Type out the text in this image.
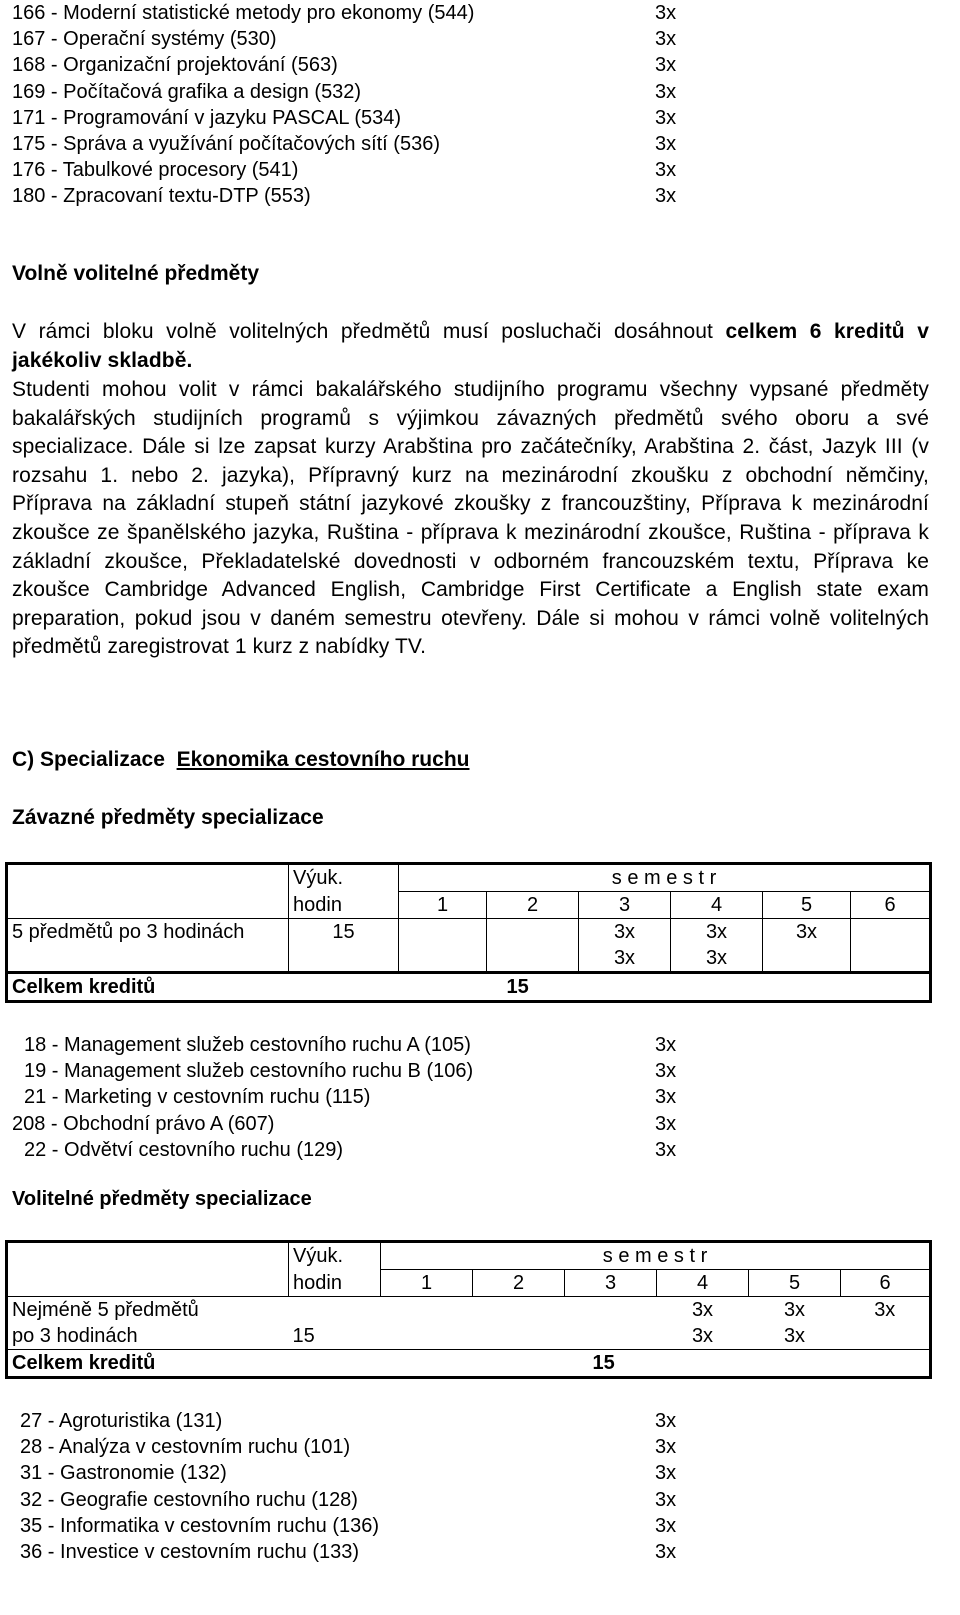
166 - Moderní statistické metody pro ekonomy (544)	3x
167 - Operační systémy (530)	3x
168 - Organizační projektování (563)	3x
169 - Počítačová grafika a design (532)	3x
171 - Programování v jazyku PASCAL (534)	3x
175 - Správa a využívání počítačových sítí (536)	3x
176 - Tabulkové procesory (541)	3x
180 - Zpracovaní textu-DTP (553)	3x
Volně volitelné předměty
V rámci bloku volně volitelných předmětů musí posluchači dosáhnout celkem 6 kreditů v jakékoliv skladbě.
Studenti mohou volit v rámci bakalářského studijního programu všechny vypsané předměty bakalářských studijních programů s výjimkou závazných předmětů svého oboru a své specializace. Dále si lze zapsat kurzy Arabština pro začátečníky, Arabština 2. část, Jazyk III (v rozsahu 1. nebo 2. jazyka), Přípravný kurz na mezinárodní zkoušku z obchodní němčiny, Příprava na základní stupeň státní jazykové zkoušky z francouzštiny, Příprava k mezinárodní zkoušce ze španělského jazyka, Ruština - příprava k mezinárodní zkoušce, Ruština - příprava k základní zkoušce, Překladatelské dovednosti v odborném francouzském textu, Příprava ke zkoušce Cambridge Advanced English, Cambridge First Certificate a English state exam preparation, pokud jsou v daném semestru otevřeny. Dále si mohou v rámci volně volitelných předmětů zaregistrovat 1 kurz z nabídky TV.
C) Specializace Ekonomika cestovního ruchu
Závazné předměty specializace
	Výuk.	s e m e s t r					
	hodin	1	2	3	4	5	6
5 předmětů po 3 hodinách	15			3x	3x	3x	
				3x	3x		
Celkem kreditů		15					
18 - Management služeb cestovního ruchu A (105)	3x
19 - Management služeb cestovního ruchu B (106)	3x
21 - Marketing v cestovním ruchu (115)	3x
208 - Obchodní právo A (607)	3x
22 - Odvětví cestovního ruchu (129)	3x
Volitelné předměty specializace
	Výuk.	s e m e s t r					
	hodin	1	2	3	4	5	6
Nejméně 5 předmětů					3x	3x	3x
po 3 hodinách	15				3x	3x	
Celkem kreditů		15					
27 - Agroturistika (131)	3x
28 - Analýza v cestovním ruchu (101)	3x
31 - Gastronomie (132)	3x
32 - Geografie cestovního ruchu (128)	3x
35 - Informatika v cestovním ruchu (136)	3x
36 - Investice v cestovním ruchu (133)	3x
